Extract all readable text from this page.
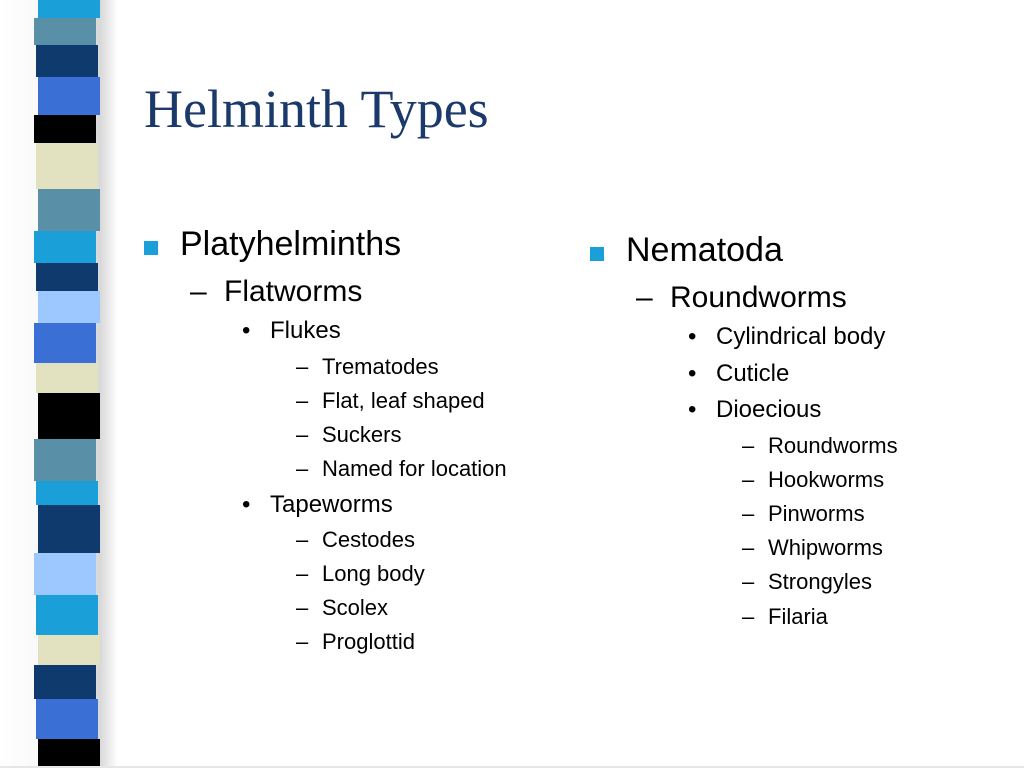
Helminth Types
Platyhelminths
– Flatworms
• Flukes
– Trematodes
– Flat, leaf shaped
– Suckers
– Named for location
• Tapeworms
– Cestodes
– Long body
– Scolex
– Proglottid
Nematoda
– Roundworms
• Cylindrical body
• Cuticle
• Dioecious
– Roundworms
– Hookworms
– Pinworms
– Whipworms
– Strongyles
– Filaria
